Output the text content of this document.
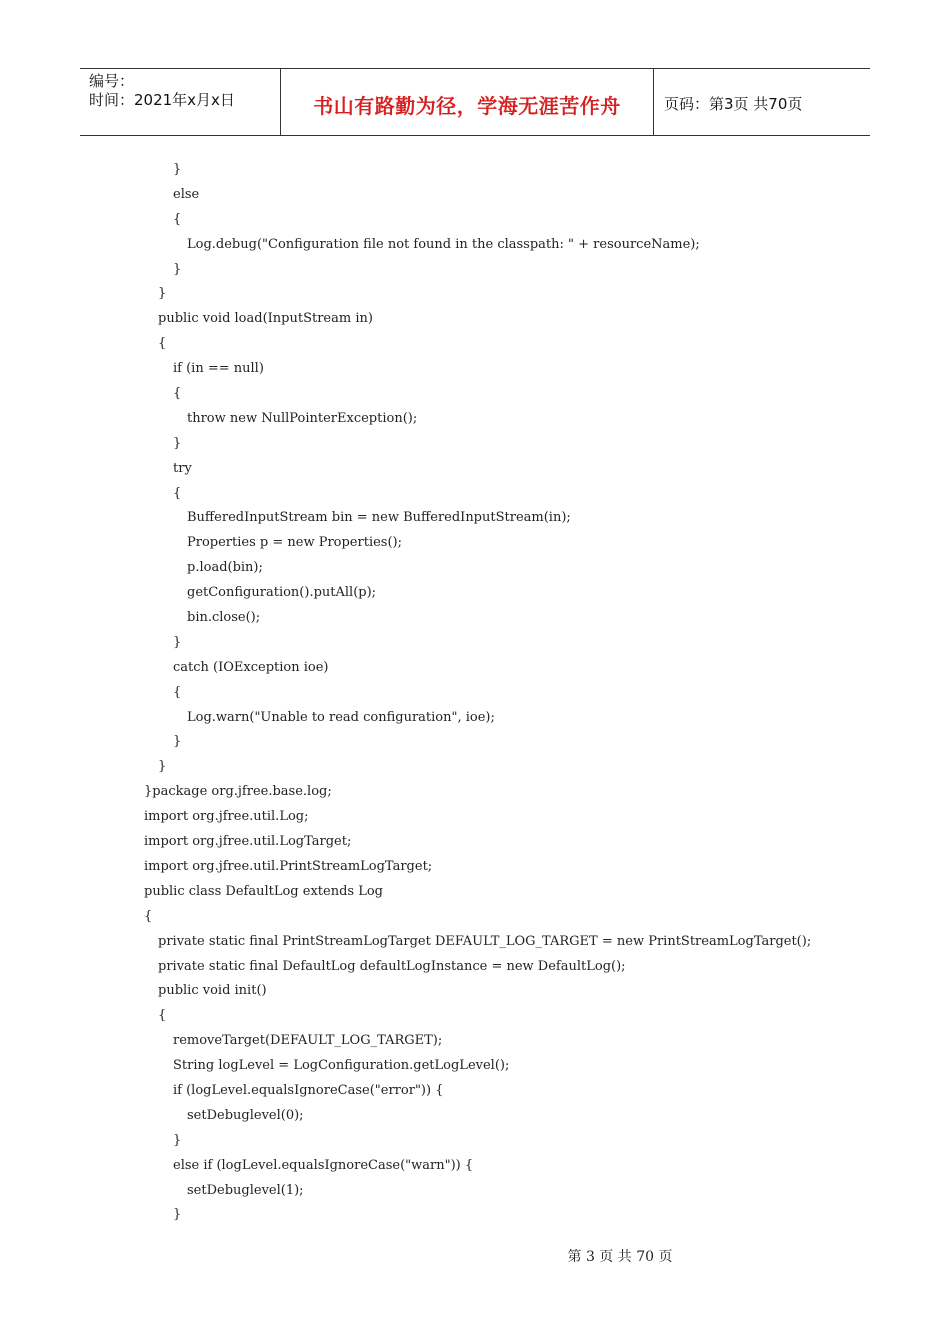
编号：
时间：2021年x月x日	书山有路勤为径，学海无涯苦作舟	页码：第3页 共70页
}
else
{
Log.debug("Configuration file not found in the classpath: " + resourceName);
}
}
public void load(InputStream in)
{
if (in == null)
{
throw new NullPointerException();
}
try
{
BufferedInputStream bin = new BufferedInputStream(in);
Properties p = new Properties();
p.load(bin);
getConfiguration().putAll(p);
bin.close();
}
catch (IOException ioe)
{
Log.warn("Unable to read configuration", ioe);
}
}
}package org.jfree.base.log;
import org.jfree.util.Log;
import org.jfree.util.LogTarget;
import org.jfree.util.PrintStreamLogTarget;
public class DefaultLog extends Log
{
private static final PrintStreamLogTarget DEFAULT_LOG_TARGET = new PrintStreamLogTarget();
private static final DefaultLog defaultLogInstance = new DefaultLog();
public void init()
{
removeTarget(DEFAULT_LOG_TARGET);
String logLevel = LogConfiguration.getLogLevel();
if (logLevel.equalsIgnoreCase("error")) {
setDebuglevel(0);
}
else if (logLevel.equalsIgnoreCase("warn")) {
setDebuglevel(1);
}
第 3 页 共 70 页
